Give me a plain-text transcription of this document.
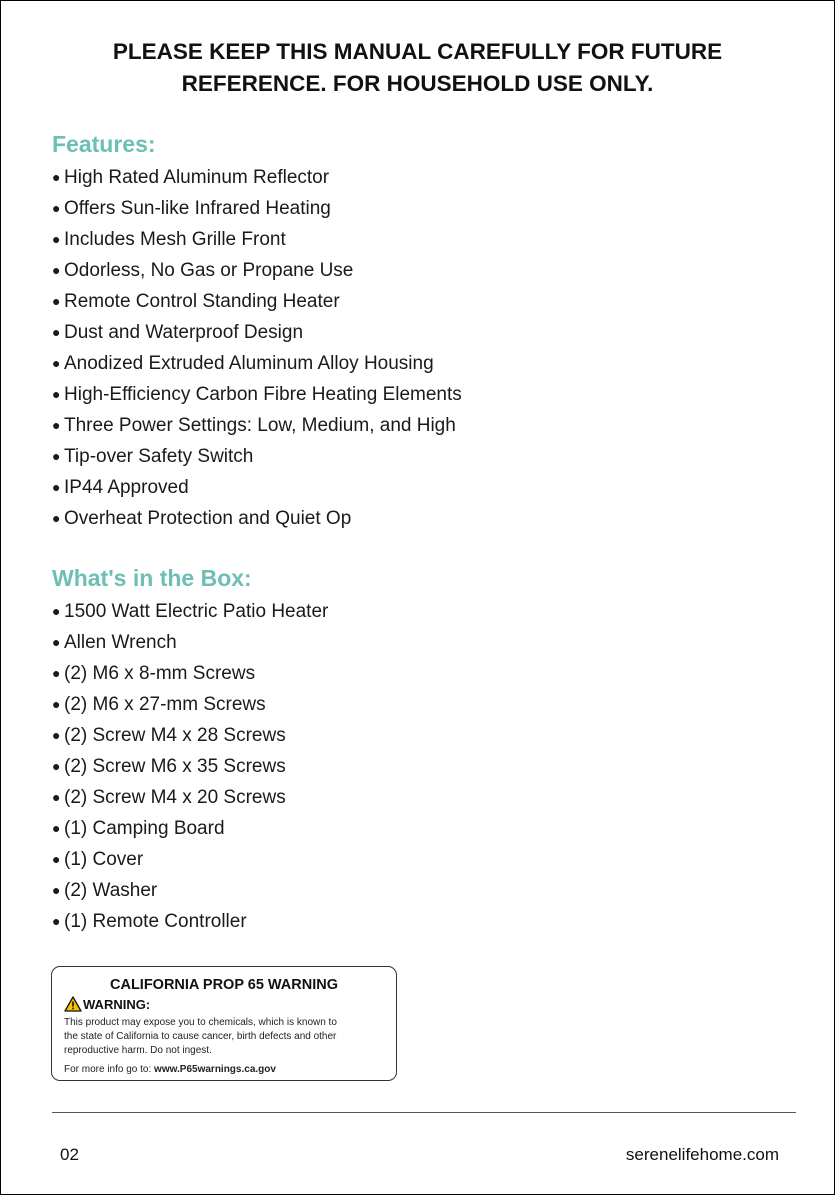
PLEASE KEEP THIS MANUAL CAREFULLY FOR FUTURE
REFERENCE. FOR HOUSEHOLD USE ONLY.
Features:
● High Rated Aluminum Reflector
● Offers Sun-like Infrared Heating
● Includes Mesh Grille Front
● Odorless, No Gas or Propane Use
● Remote Control Standing Heater
● Dust and Waterproof Design
● Anodized Extruded Aluminum Alloy Housing
● High-Efficiency Carbon Fibre Heating Elements
● Three Power Settings: Low, Medium, and High
● Tip-over Safety Switch
● IP44 Approved
● Overheat Protection and Quiet Op
What's in the Box:
● 1500 Watt Electric Patio Heater
● Allen Wrench
● (2) M6 x 8-mm Screws
● (2) M6 x 27-mm Screws
● (2) Screw M4 x 28 Screws
● (2) Screw M6 x 35 Screws
● (2) Screw M4 x 20 Screws
● (1) Camping Board
● (1) Cover
● (2) Washer
● (1) Remote Controller
CALIFORNIA PROP 65 WARNING
WARNING:
This product may expose you to chemicals, which is known to
the state of California to cause cancer, birth defects and other
reproductive harm. Do not ingest.
For more info go to: www.P65warnings.ca.gov
02	serenelifehome.com
